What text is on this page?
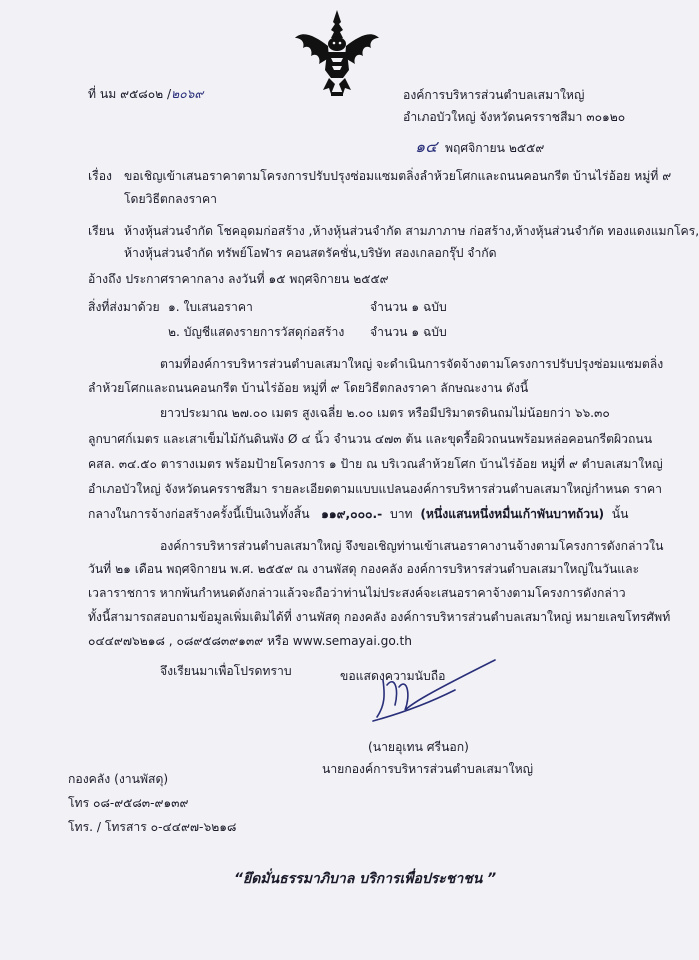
ที่ นม ๙๕๘๐๒ /๒๐๖๙	องค์การบริหารส่วนตำบลเสมาใหญ่
อำเภอบัวใหญ่ จังหวัดนครราชสีมา ๓๐๑๒๐
๑๔ พฤศจิกายน ๒๕๕๙
เรื่อง ขอเชิญเข้าเสนอราคาตามโครงการปรับปรุงซ่อมแซมตลิ่งลำห้วยโศกและถนนคอนกรีต บ้านไร่อ้อย หมู่ที่ ๙
โดยวิธีตกลงราคา
เรียน ห้างหุ้นส่วนจำกัด โชคอุดมก่อสร้าง ,ห้างหุ้นส่วนจำกัด สามภาภาษ ก่อสร้าง,ห้างหุ้นส่วนจำกัด ทองแดงแมกโคร,
ห้างหุ้นส่วนจำกัด ทรัพย์โอฬาร คอนสตรัคชั่น,บริษัท สองเกลอกรุ๊ป จำกัด
อ้างถึง ประกาศราคากลาง ลงวันที่ ๑๕ พฤศจิกายน ๒๕๕๙
สิ่งที่ส่งมาด้วย ๑. ใบเสนอราคา	จำนวน ๑ ฉบับ
๒. บัญชีแสดงรายการวัสดุก่อสร้าง จำนวน ๑ ฉบับ
ตามที่องค์การบริหารส่วนตำบลเสมาใหญ่ จะดำเนินการจัดจ้างตามโครงการปรับปรุงซ่อมแซมตลิ่ง
ลำห้วยโศกและถนนคอนกรีต บ้านไร่อ้อย หมู่ที่ ๙ โดยวิธีตกลงราคา ลักษณะงาน ดังนี้
ยาวประมาณ ๒๗.๐๐ เมตร สูงเฉลี่ย ๒.๐๐ เมตร หรือมีปริมาตรดินถมไม่น้อยกว่า ๖๖.๓๐
ลูกบาศก์เมตร และเสาเข็มไม้กันดินพัง Ø ๔ นิ้ว จำนวน ๔๗๓ ต้น และขุดรื้อผิวถนนพร้อมหล่อคอนกรีตผิวถนน
คสล. ๓๔.๕๐ ตารางเมตร พร้อมป้ายโครงการ ๑ ป้าย ณ บริเวณลำห้วยโศก บ้านไร่อ้อย หมู่ที่ ๙ ตำบลเสมาใหญ่
อำเภอบัวใหญ่ จังหวัดนครราชสีมา รายละเอียดตามแบบแปลนองค์การบริหารส่วนตำบลเสมาใหญ่กำหนด ราคา
กลางในการจ้างก่อสร้างครั้งนี้เป็นเงินทั้งสิ้น ๑๑๙,๐๐๐.- บาท (หนึ่งแสนหนึ่งหมื่นเก้าพันบาทถ้วน) นั้น
องค์การบริหารส่วนตำบลเสมาใหญ่ จึงขอเชิญท่านเข้าเสนอราคางานจ้างตามโครงการดังกล่าวใน
วันที่ ๒๑ เดือน พฤศจิกายน พ.ศ. ๒๕๕๙ ณ งานพัสดุ กองคลัง องค์การบริหารส่วนตำบลเสมาใหญ่ในวันและ
เวลาราชการ หากพ้นกำหนดดังกล่าวแล้วจะถือว่าท่านไม่ประสงค์จะเสนอราคาจ้างตามโครงการดังกล่าว
ทั้งนี้สามารถสอบถามข้อมูลเพิ่มเติมได้ที่ งานพัสดุ กองคลัง องค์การบริหารส่วนตำบลเสมาใหญ่ หมายเลขโทรศัพท์
๐๔๔๙๗๖๒๑๘ , ๐๘๙๕๘๓๙๑๓๙ หรือ www.semayai.go.th
จึงเรียนมาเพื่อโปรดทราบ	ขอแสดงความนับถือ
(นายอุเทน ศรีนอก)
นายกองค์การบริหารส่วนตำบลเสมาใหญ่
กองคลัง (งานพัสดุ)
โทร ๐๘-๙๕๘๓-๙๑๓๙
โทร. / โทรสาร ๐-๔๔๙๗-๖๒๑๘
“ยึดมั่นธรรมาภิบาล บริการเพื่อประชาชน ”
